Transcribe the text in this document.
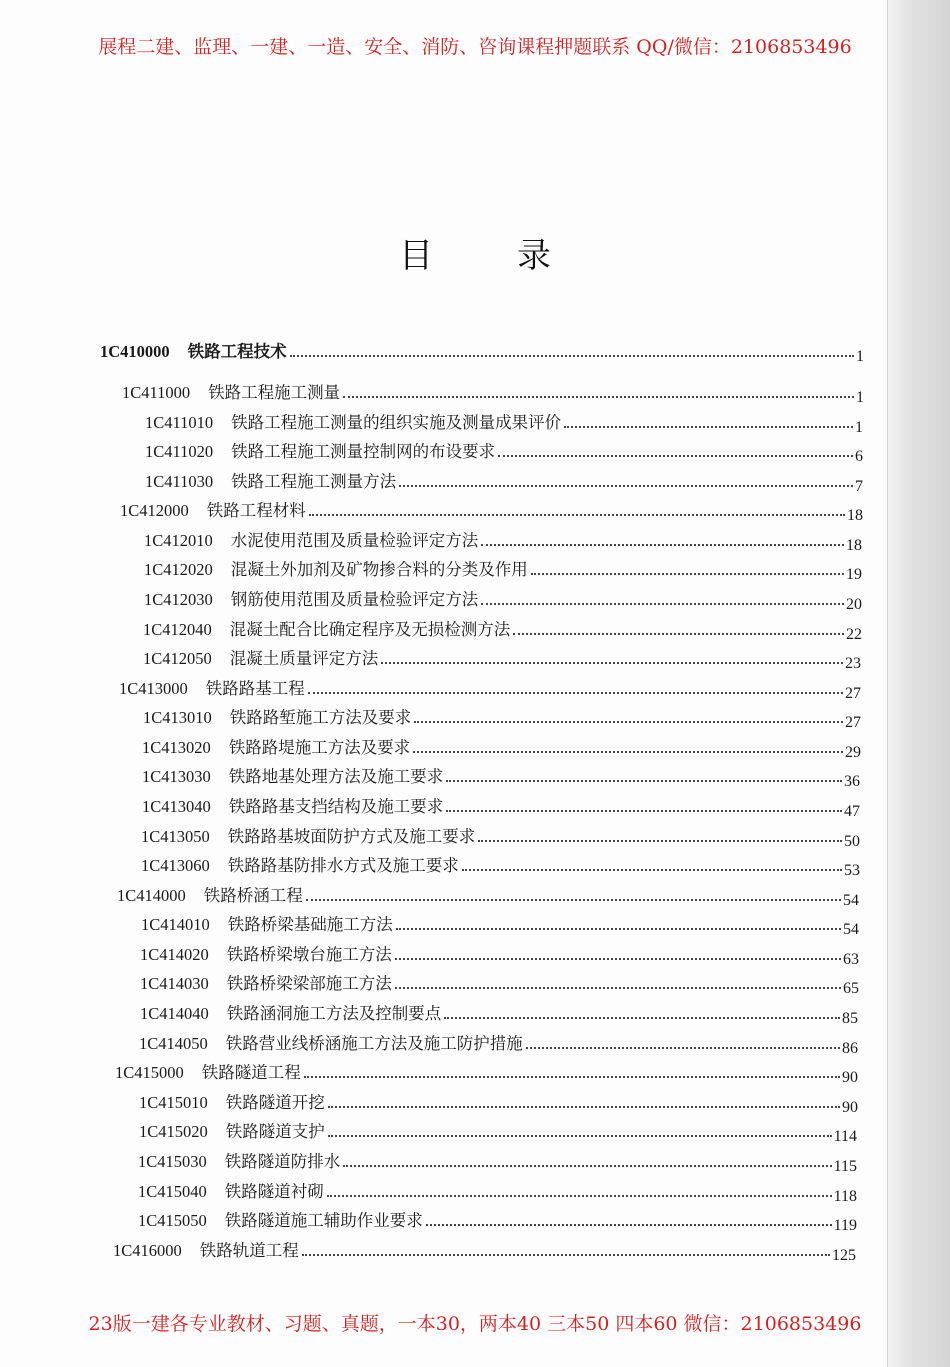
展程二建、监理、一建、一造、安全、消防、咨询课程押题联系 QQ/微信：2106853496
目录
1C410000 铁路工程技术	1
1C411000 铁路工程施工测量	1
1C411010 铁路工程施工测量的组织实施及测量成果评价	1
1C411020 铁路工程施工测量控制网的布设要求	6
1C411030 铁路工程施工测量方法	7
1C412000 铁路工程材料	18
1C412010 水泥使用范围及质量检验评定方法	18
1C412020 混凝土外加剂及矿物掺合料的分类及作用	19
1C412030 钢筋使用范围及质量检验评定方法	20
1C412040 混凝土配合比确定程序及无损检测方法	22
1C412050 混凝土质量评定方法	23
1C413000 铁路路基工程	27
1C413010 铁路路堑施工方法及要求	27
1C413020 铁路路堤施工方法及要求	29
1C413030 铁路地基处理方法及施工要求	36
1C413040 铁路路基支挡结构及施工要求	47
1C413050 铁路路基坡面防护方式及施工要求	50
1C413060 铁路路基防排水方式及施工要求	53
1C414000 铁路桥涵工程	54
1C414010 铁路桥梁基础施工方法	54
1C414020 铁路桥梁墩台施工方法	63
1C414030 铁路桥梁梁部施工方法	65
1C414040 铁路涵洞施工方法及控制要点	85
1C414050 铁路营业线桥涵施工方法及施工防护措施	86
1C415000 铁路隧道工程	90
1C415010 铁路隧道开挖	90
1C415020 铁路隧道支护	114
1C415030 铁路隧道防排水	115
1C415040 铁路隧道衬砌	118
1C415050 铁路隧道施工辅助作业要求	119
1C416000 铁路轨道工程	125
23版一建各专业教材、习题、真题，一本30，两本40 三本50 四本60 微信：2106853496
